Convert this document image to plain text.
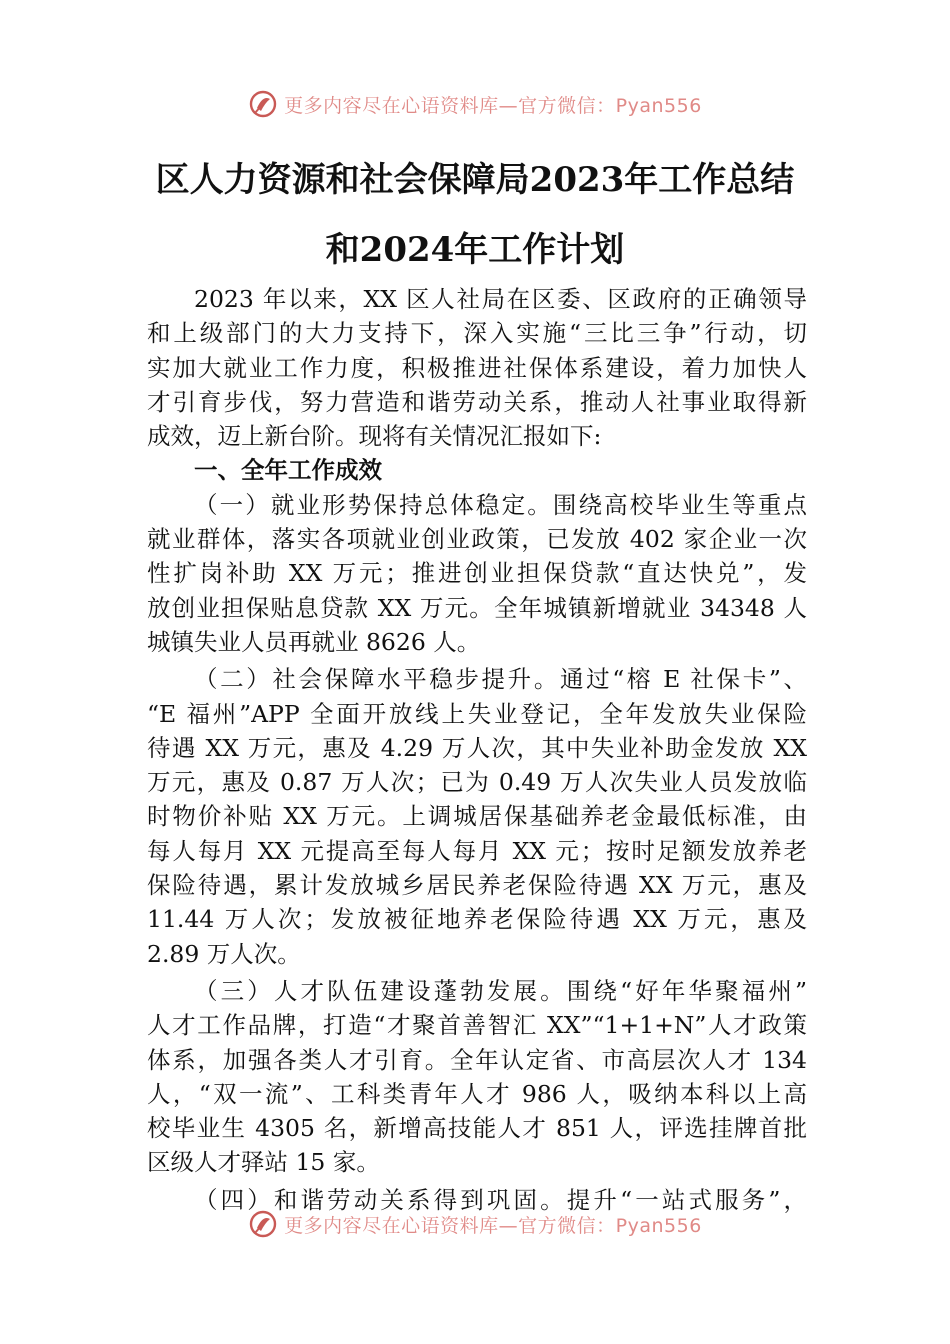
更多内容尽在心语资料库—官方微信：Pyan556
区人力资源和社会保障局2023年工作总结
和2024年工作计划
2023 年以来，XX 区人社局在区委、区政府的正确领导
和上级部门的大力支持下，深入实施“三比三争”行动，切
实加大就业工作力度，积极推进社保体系建设，着力加快人
才引育步伐，努力营造和谐劳动关系，推动人社事业取得新
成效，迈上新台阶。现将有关情况汇报如下:
一、全年工作成效
（一）就业形势保持总体稳定。围绕高校毕业生等重点
就业群体，落实各项就业创业政策，已发放 402 家企业一次
性扩岗补助 XX 万元；推进创业担保贷款“直达快兑”，发
放创业担保贴息贷款 XX 万元。全年城镇新增就业 34348 人
城镇失业人员再就业 8626 人。
（二）社会保障水平稳步提升。通过“榕 E 社保卡”、
“E 福州”APP 全面开放线上失业登记，全年发放失业保险
待遇 XX 万元，惠及 4.29 万人次，其中失业补助金发放 XX
万元，惠及 0.87 万人次；已为 0.49 万人次失业人员发放临
时物价补贴 XX 万元。上调城居保基础养老金最低标准，由
每人每月 XX 元提高至每人每月 XX 元；按时足额发放养老
保险待遇，累计发放城乡居民养老保险待遇 XX 万元，惠及
11.44 万人次；发放被征地养老保险待遇 XX 万元，惠及
2.89 万人次。
（三）人才队伍建设蓬勃发展。围绕“好年华聚福州”
人才工作品牌，打造“才聚首善智汇 XX”“1+1+N”人才政策
体系，加强各类人才引育。全年认定省、市高层次人才 134
人，“双一流”、工科类青年人才 986 人，吸纳本科以上高
校毕业生 4305 名，新增高技能人才 851 人，评选挂牌首批
区级人才驿站 15 家。
（四）和谐劳动关系得到巩固。提升“一站式服务”，
更多内容尽在心语资料库—官方微信：Pyan556
